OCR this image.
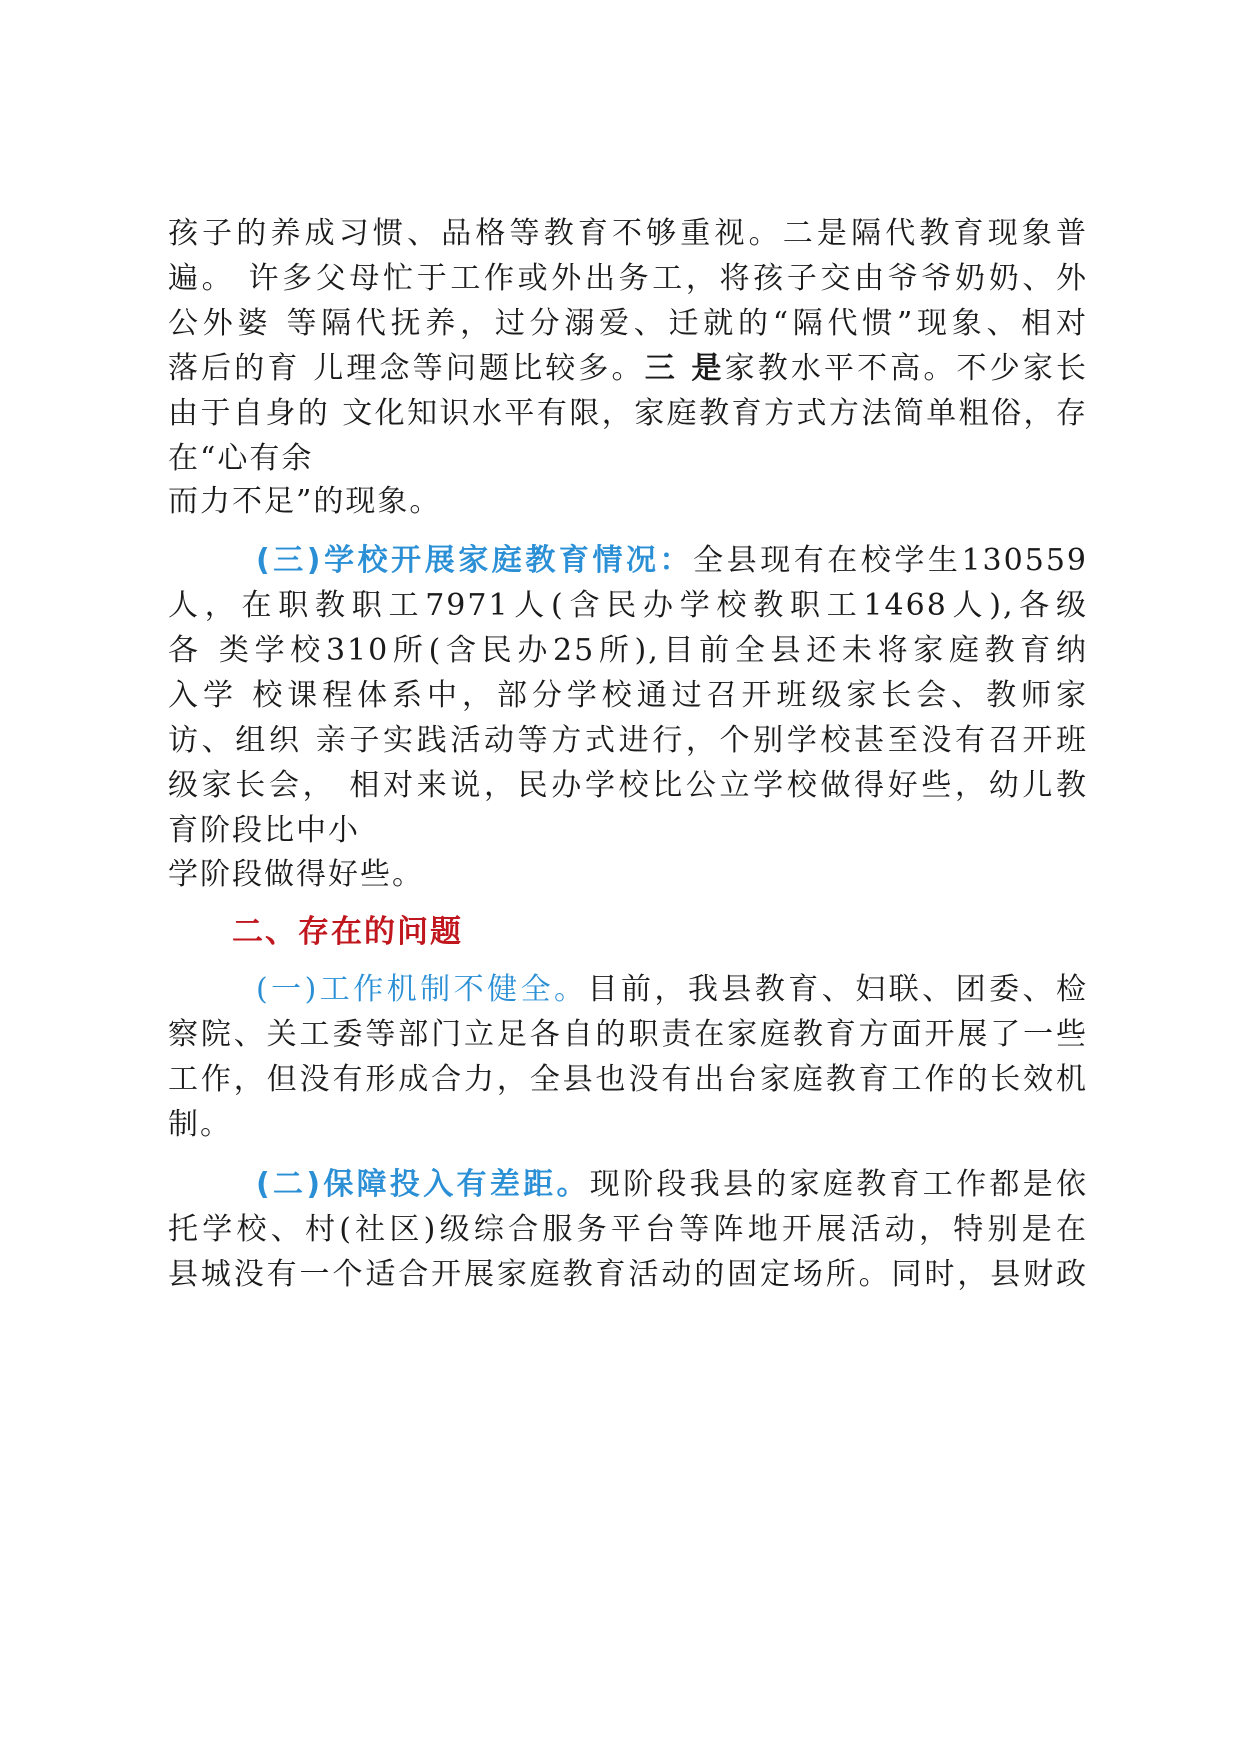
孩子的养成习惯、品格等教育不够重视。二是隔代教育现象普
遍。 许多父母忙于工作或外出务工，将孩子交由爷爷奶奶、外
公外婆 等隔代抚养，过分溺爱、迁就的“隔代惯”现象、相对
落后的育 儿理念等问题比较多。三 是家教水平不高。不少家长
由于自身的 文化知识水平有限，家庭教育方式方法简单粗俗，存
在“心有余
而力不足”的现象。
(三)学校开展家庭教育情况：全县现有在校学生130559
人，在职教职工7971人(含民办学校教职工1468人),各级
各 类学校310所(含民办25所),目前全县还未将家庭教育纳
入学 校课程体系中，部分学校通过召开班级家长会、教师家
访、组织 亲子实践活动等方式进行，个别学校甚至没有召开班
级家长会， 相对来说，民办学校比公立学校做得好些，幼儿教
育阶段比中小
学阶段做得好些。
二、存在的问题
(一)工作机制不健全。目前，我县教育、妇联、团委、检
察院、关工委等部门立足各自的职责在家庭教育方面开展了一些
工作，但没有形成合力，全县也没有出台家庭教育工作的长效机
制。
(二)保障投入有差距。现阶段我县的家庭教育工作都是依
托学校、村(社区)级综合服务平台等阵地开展活动，特别是在
县城没有一个适合开展家庭教育活动的固定场所。同时，县财政
